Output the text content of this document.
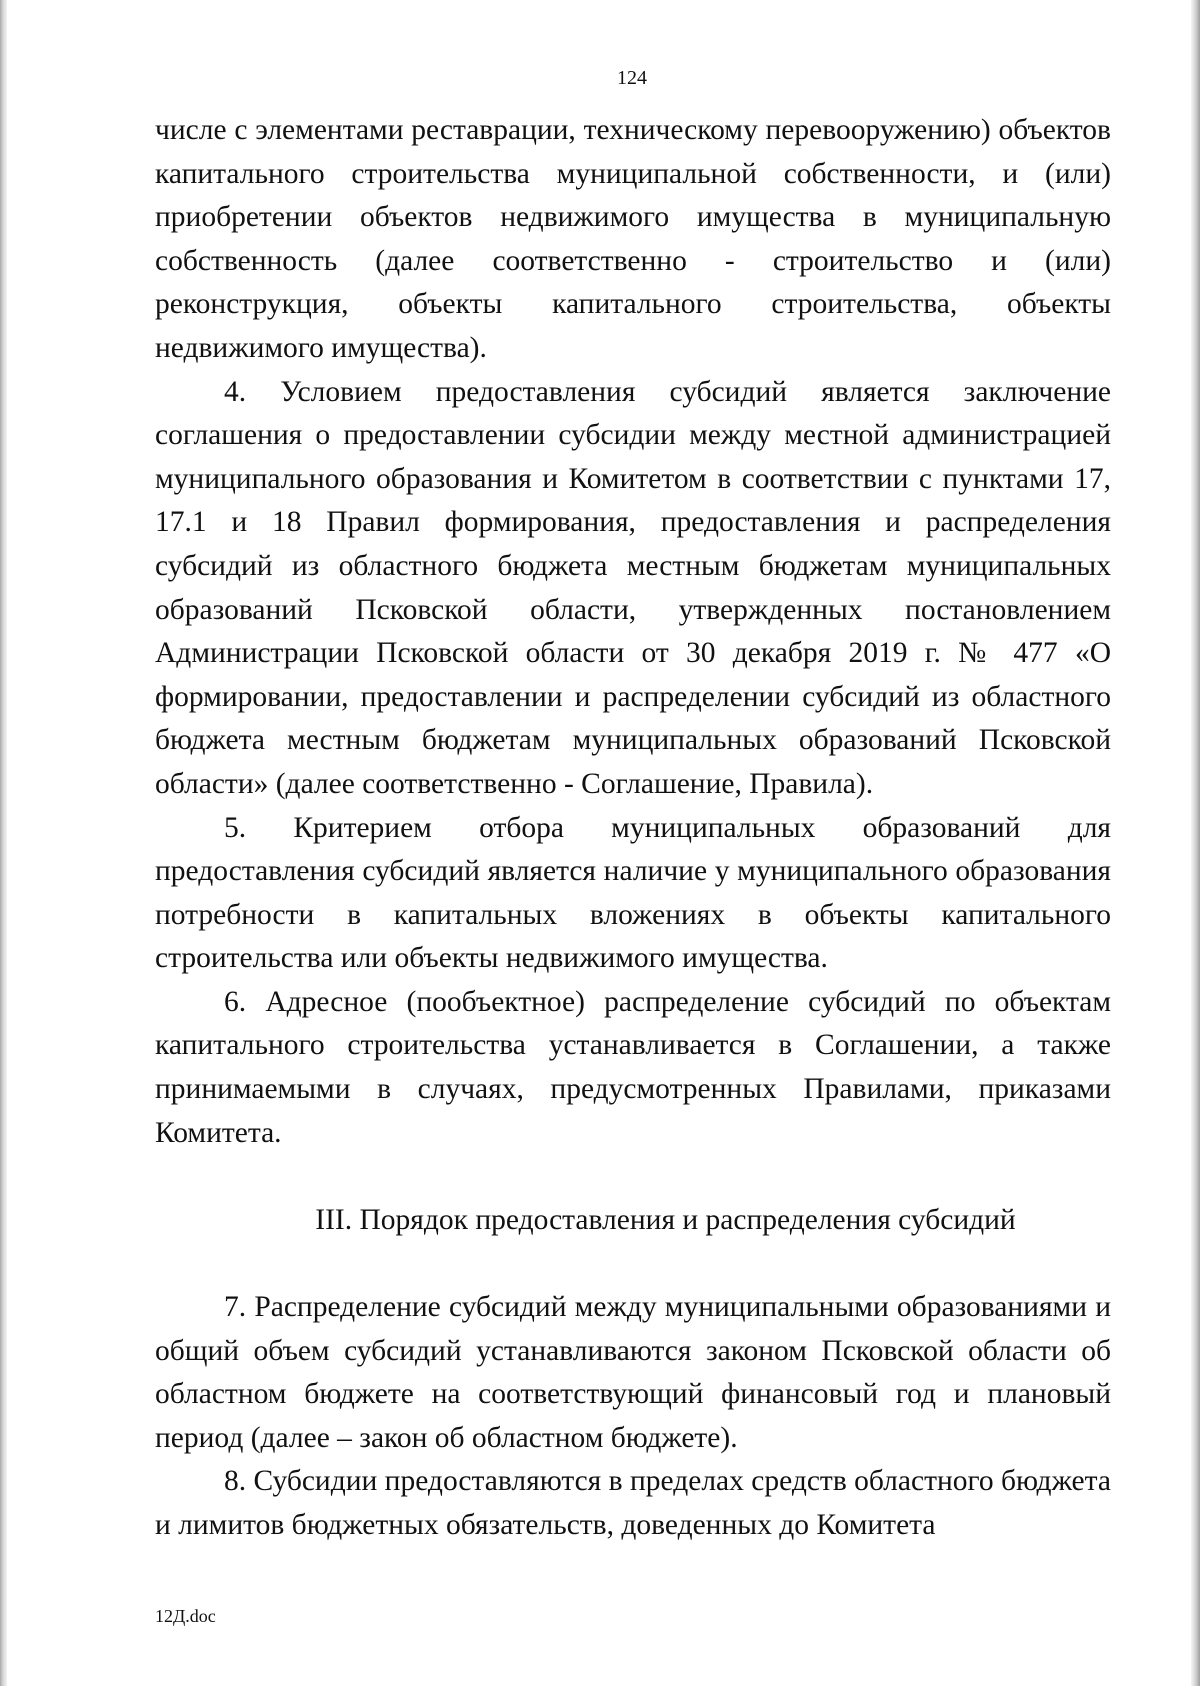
124

числе с элементами реставрации, техническому перевооружению) объектов капитального строительства муниципальной собственности, и (или) приобретении объектов недвижимого имущества в муниципальную собственность (далее соответственно - строительство и (или) реконструкция, объекты капитального строительства, объекты недвижимого имущества).

4. Условием предоставления субсидий является заключение соглашения о предоставлении субсидии между местной администрацией муниципального образования и Комитетом в соответствии с пунктами 17, 17.1 и 18 Правил формирования, предоставления и распределения субсидий из областного бюджета местным бюджетам муниципальных образований Псковской области, утвержденных постановлением Администрации Псковской области от 30 декабря 2019 г. № 477 «О формировании, предоставлении и распределении субсидий из областного бюджета местным бюджетам муниципальных образований Псковской области» (далее соответственно - Соглашение, Правила).

5. Критерием отбора муниципальных образований для предоставления субсидий является наличие у муниципального образования потребности в капитальных вложениях в объекты капитального строительства или объекты недвижимого имущества.

6. Адресное (пообъектное) распределение субсидий по объектам капитального строительства устанавливается в Соглашении, а также принимаемыми в случаях, предусмотренных Правилами, приказами Комитета.

III. Порядок предоставления и распределения субсидий

7. Распределение субсидий между муниципальными образованиями и общий объем субсидий устанавливаются законом Псковской области об областном бюджете на соответствующий финансовый год и плановый период (далее – закон об областном бюджете).

8. Субсидии предоставляются в пределах средств областного бюджета и лимитов бюджетных обязательств, доведенных до Комитета

12Д.doc
